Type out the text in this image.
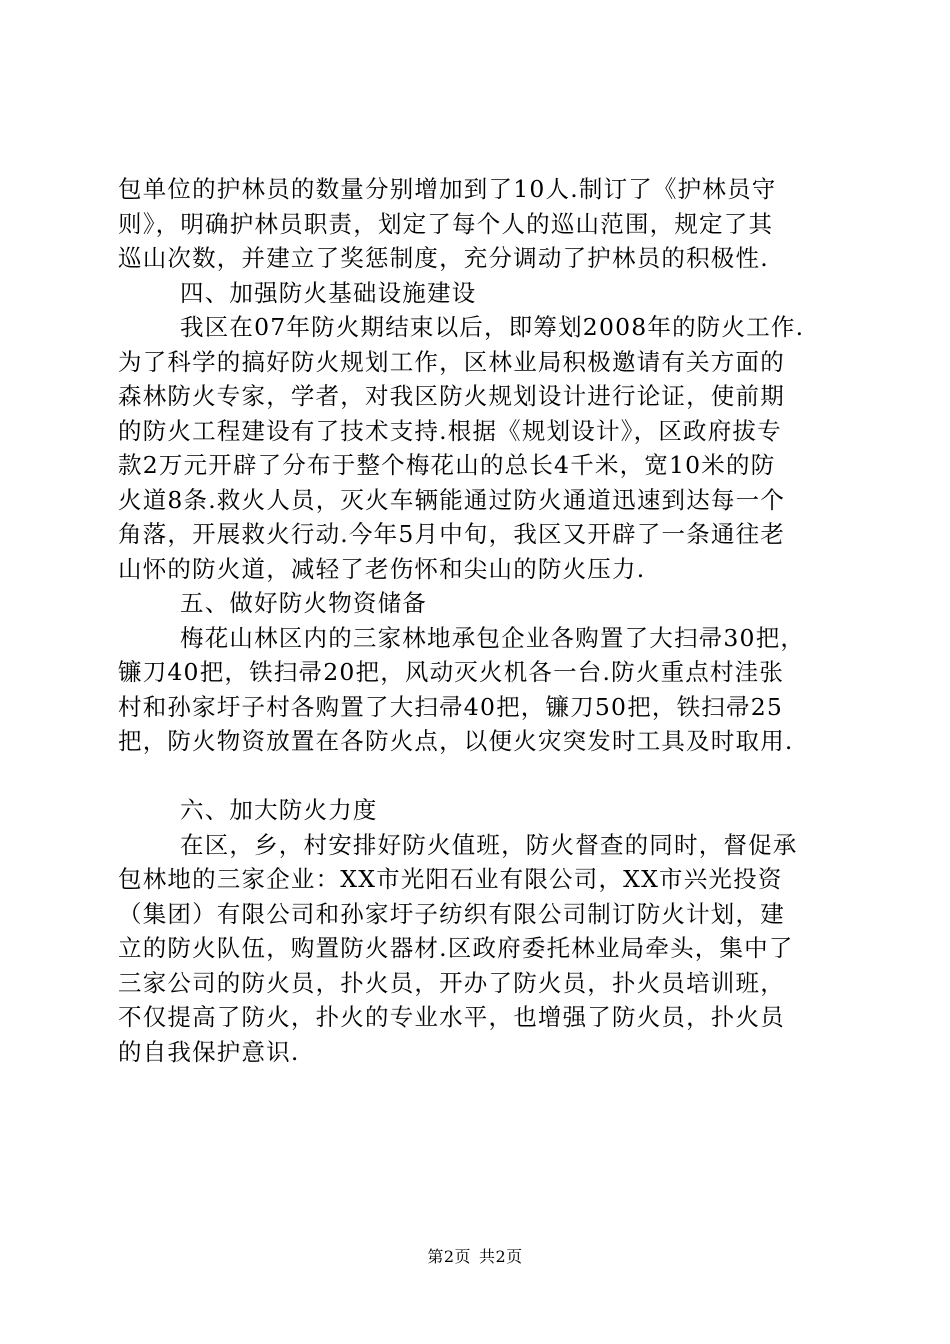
包单位的护林员的数量分别增加到了10人.制订了《护林员守
则》，明确护林员职责，划定了每个人的巡山范围，规定了其
巡山次数，并建立了奖惩制度，充分调动了护林员的积极性.
四、加强防火基础设施建设
我区在07年防火期结束以后，即筹划2008年的防火工作.
为了科学的搞好防火规划工作，区林业局积极邀请有关方面的
森林防火专家，学者，对我区防火规划设计进行论证，使前期
的防火工程建设有了技术支持.根据《规划设计》，区政府拔专
款2万元开辟了分布于整个梅花山的总长4千米，宽10米的防
火道8条.救火人员，灭火车辆能通过防火通道迅速到达每一个
角落，开展救火行动.今年5月中旬，我区又开辟了一条通往老
山怀的防火道，减轻了老伤怀和尖山的防火压力.
五、做好防火物资储备
梅花山林区内的三家林地承包企业各购置了大扫帚30把，
镰刀40把，铁扫帚20把，风动灭火机各一台.防火重点村洼张
村和孙家圩子村各购置了大扫帚40把，镰刀50把，铁扫帚25
把，防火物资放置在各防火点，以便火灾突发时工具及时取用.
六、加大防火力度
在区，乡，村安排好防火值班，防火督查的同时，督促承
包林地的三家企业：XX市光阳石业有限公司，XX市兴光投资
（集团）有限公司和孙家圩子纺织有限公司制订防火计划，建
立的防火队伍，购置防火器材.区政府委托林业局牵头，集中了
三家公司的防火员，扑火员，开办了防火员，扑火员培训班，
不仅提高了防火，扑火的专业水平，也增强了防火员，扑火员
的自我保护意识.
第2页 共2页
